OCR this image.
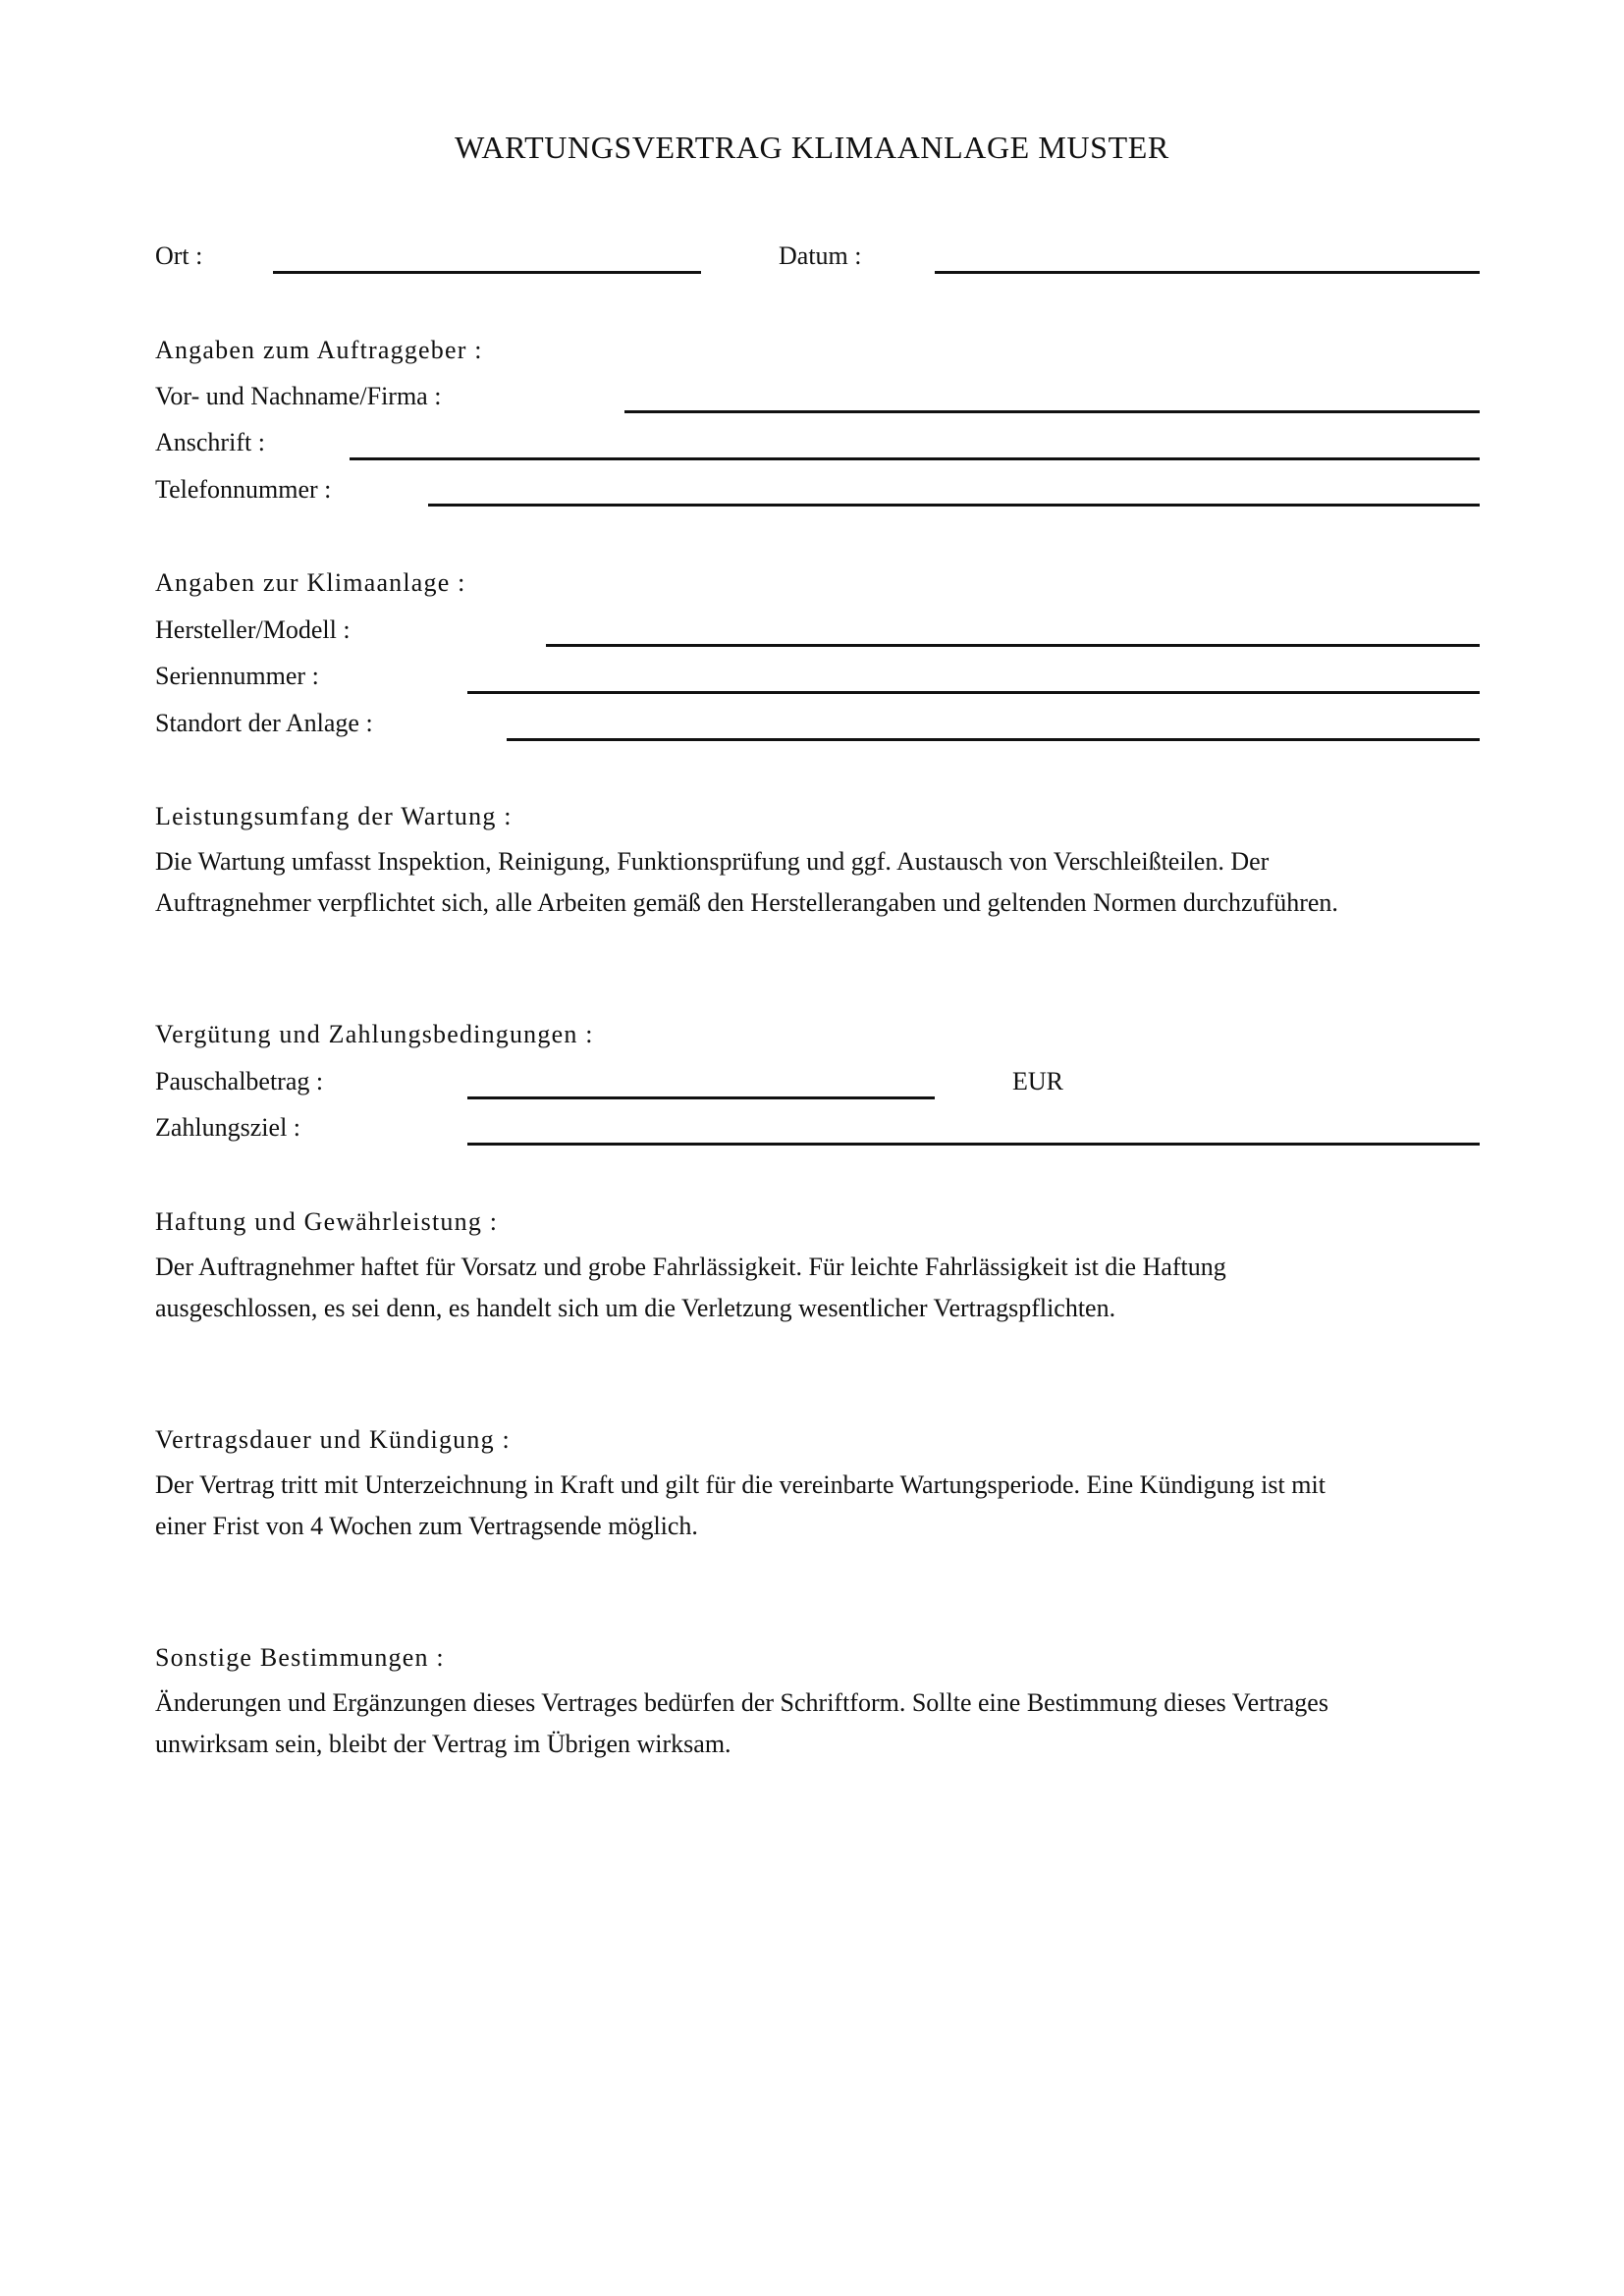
WARTUNGSVERTRAG KLIMAANLAGE MUSTER
Ort :	Datum :
Angaben zum Auftraggeber :
Vor- und Nachname/Firma :
Anschrift :
Telefonnummer :
Angaben zur Klimaanlage :
Hersteller/Modell :
Seriennummer :
Standort der Anlage :
Leistungsumfang der Wartung :
Die Wartung umfasst Inspektion, Reinigung, Funktionsprüfung und ggf. Austausch von Verschleißteilen. Der
Auftragnehmer verpflichtet sich, alle Arbeiten gemäß den Herstellerangaben und geltenden Normen durchzuführen.
Vergütung und Zahlungsbedingungen :
Pauschalbetrag :	EUR
Zahlungsziel :
Haftung und Gewährleistung :
Der Auftragnehmer haftet für Vorsatz und grobe Fahrlässigkeit. Für leichte Fahrlässigkeit ist die Haftung
ausgeschlossen, es sei denn, es handelt sich um die Verletzung wesentlicher Vertragspflichten.
Vertragsdauer und Kündigung :
Der Vertrag tritt mit Unterzeichnung in Kraft und gilt für die vereinbarte Wartungsperiode. Eine Kündigung ist mit
einer Frist von 4 Wochen zum Vertragsende möglich.
Sonstige Bestimmungen :
Änderungen und Ergänzungen dieses Vertrages bedürfen der Schriftform. Sollte eine Bestimmung dieses Vertrages
unwirksam sein, bleibt der Vertrag im Übrigen wirksam.
